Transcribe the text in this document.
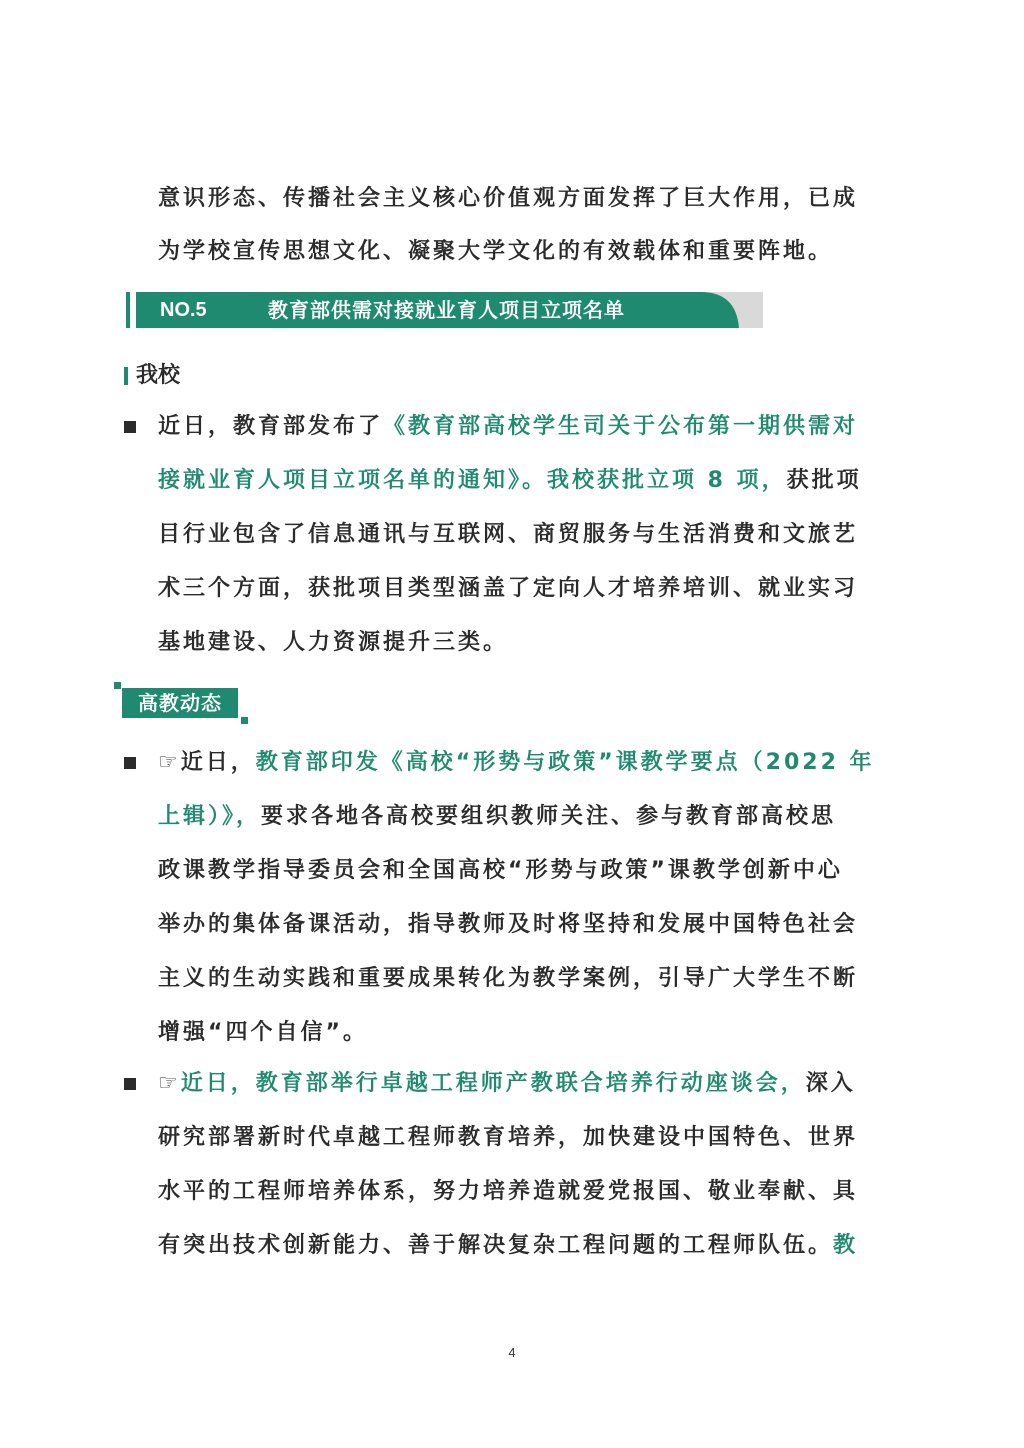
意识形态、传播社会主义核心价值观方面发挥了巨大作用，已成
为学校宣传思想文化、凝聚大学文化的有效载体和重要阵地。
NO.5	教育部供需对接就业育人项目立项名单
我校
近日，教育部发布了《教育部高校学生司关于公布第一期供需对
接就业育人项目立项名单的通知》。我校获批立项 8 项，获批项
目行业包含了信息通讯与互联网、商贸服务与生活消费和文旅艺
术三个方面，获批项目类型涵盖了定向人才培养培训、就业实习
基地建设、人力资源提升三类。
高教动态
☞近日，教育部印发《高校“形势与政策”课教学要点（2022 年
上辑）》，要求各地各高校要组织教师关注、参与教育部高校思
政课教学指导委员会和全国高校“形势与政策”课教学创新中心
举办的集体备课活动，指导教师及时将坚持和发展中国特色社会
主义的生动实践和重要成果转化为教学案例，引导广大学生不断
增强“四个自信”。
☞近日，教育部举行卓越工程师产教联合培养行动座谈会，深入
研究部署新时代卓越工程师教育培养，加快建设中国特色、世界
水平的工程师培养体系，努力培养造就爱党报国、敬业奉献、具
有突出技术创新能力、善于解决复杂工程问题的工程师队伍。教
4
